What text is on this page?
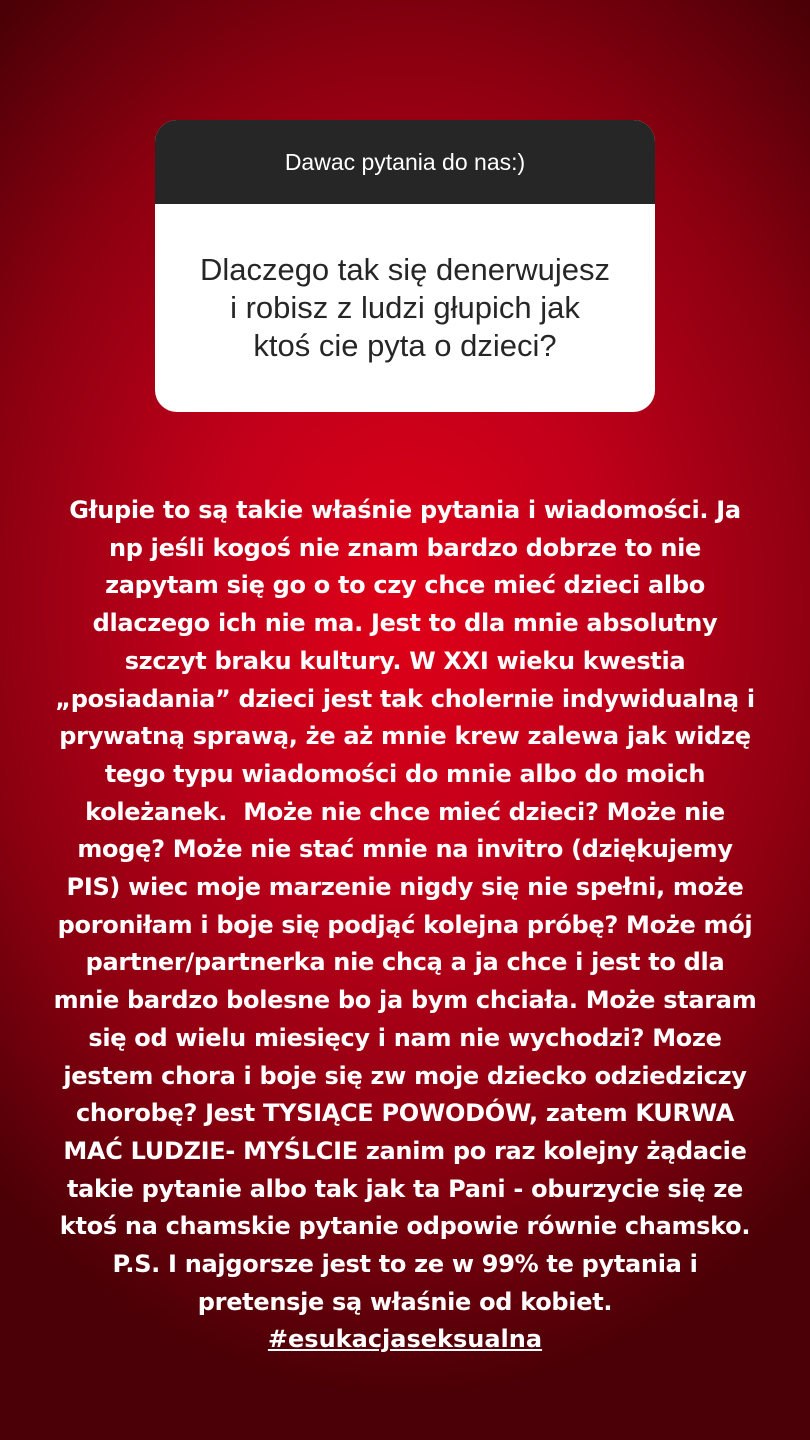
Dawac pytania do nas:)

Dlaczego tak się denerwujesz
i robisz z ludzi głupich jak
ktoś cie pyta o dzieci?

Głupie to są takie właśnie pytania i wiadomości. Ja
np jeśli kogoś nie znam bardzo dobrze to nie
zapytam się go o to czy chce mieć dzieci albo
dlaczego ich nie ma. Jest to dla mnie absolutny
szczyt braku kultury. W XXI wieku kwestia
„posiadania” dzieci jest tak cholernie indywidualną i
prywatną sprawą, że aż mnie krew zalewa jak widzę
tego typu wiadomości do mnie albo do moich
koleżanek.  Może nie chce mieć dzieci? Może nie
mogę? Może nie stać mnie na invitro (dziękujemy
PIS) wiec moje marzenie nigdy się nie spełni, może
poroniłam i boje się podjąć kolejna próbę? Może mój
partner/partnerka nie chcą a ja chce i jest to dla
mnie bardzo bolesne bo ja bym chciała. Może staram
się od wielu miesięcy i nam nie wychodzi? Moze
jestem chora i boje się zw moje dziecko odziedziczy
chorobę? Jest TYSIĄCE POWODÓW, zatem KURWA
MAĆ LUDZIE- MYŚLCIE zanim po raz kolejny żądacie
takie pytanie albo tak jak ta Pani - oburzycie się ze
ktoś na chamskie pytanie odpowie równie chamsko.
P.S. I najgorsze jest to ze w 99% te pytania i
pretensje są właśnie od kobiet.

#esukacjaseksualna
